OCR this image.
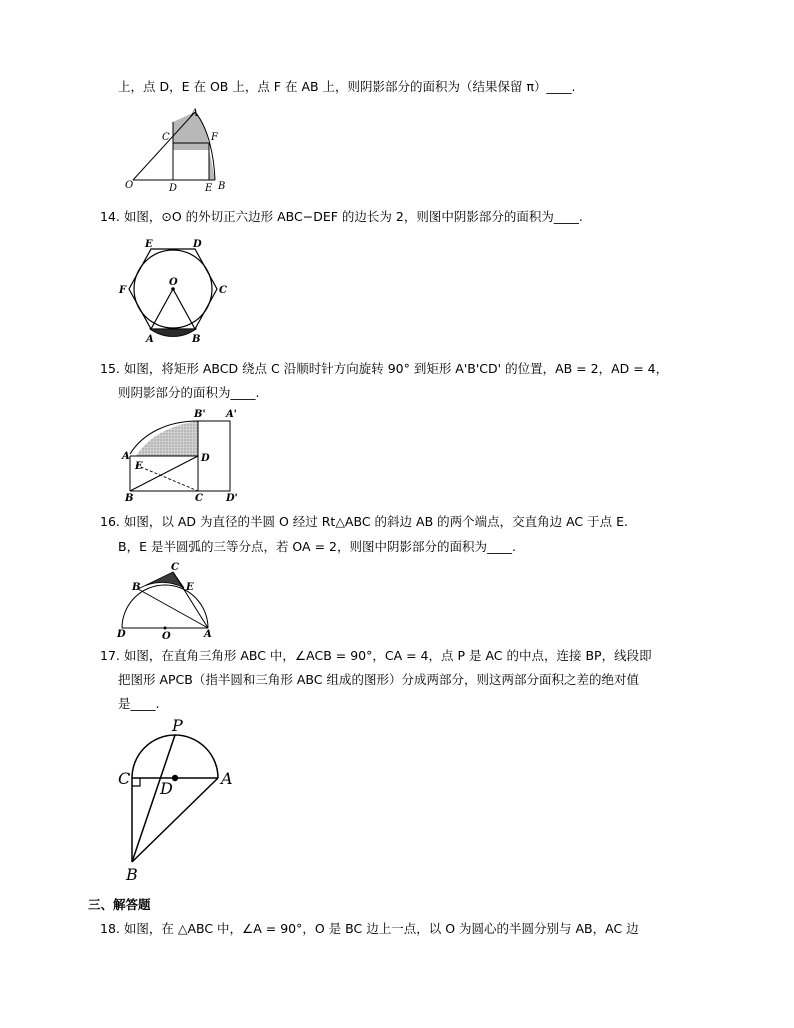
上，点 D，E 在 OB 上，点 F 在 AB 上，则阴影部分的面积为（结果保留 π）____.
A
C	F
O	D	E B
14. 如图，⊙O 的外切正六边形 ABC−DEF 的边长为 2，则图中阴影部分的面积为____.
E	D
F
O
C
A	B
15. 如图，将矩形 ABCD 绕点 C 沿顺时针方向旋转 90° 到矩形 A'B'CD' 的位置，AB = 2，AD = 4，
则阴影部分的面积为____.
B' A'
A
E
D
B	C D'
16. 如图，以 AD 为直径的半圆 O 经过 Rt△ABC 的斜边 AB 的两个端点，交直角边 AC 于点 E.
B，E 是半圆弧的三等分点，若 OA = 2，则图中阴影部分的面积为____.
C
B	E
D	O	A
17. 如图，在直角三角形 ABC 中，∠ACB = 90°，CA = 4，点 P 是 AC 的中点，连接 BP，线段即
把图形 APCB（指半圆和三角形 ABC 组成的图形）分成两部分，则这两部分面积之差的绝对值
是____.
P
C
D
A
B
三、解答题
18. 如图，在 △ABC 中，∠A = 90°，O 是 BC 边上一点，以 O 为圆心的半圆分别与 AB，AC 边
